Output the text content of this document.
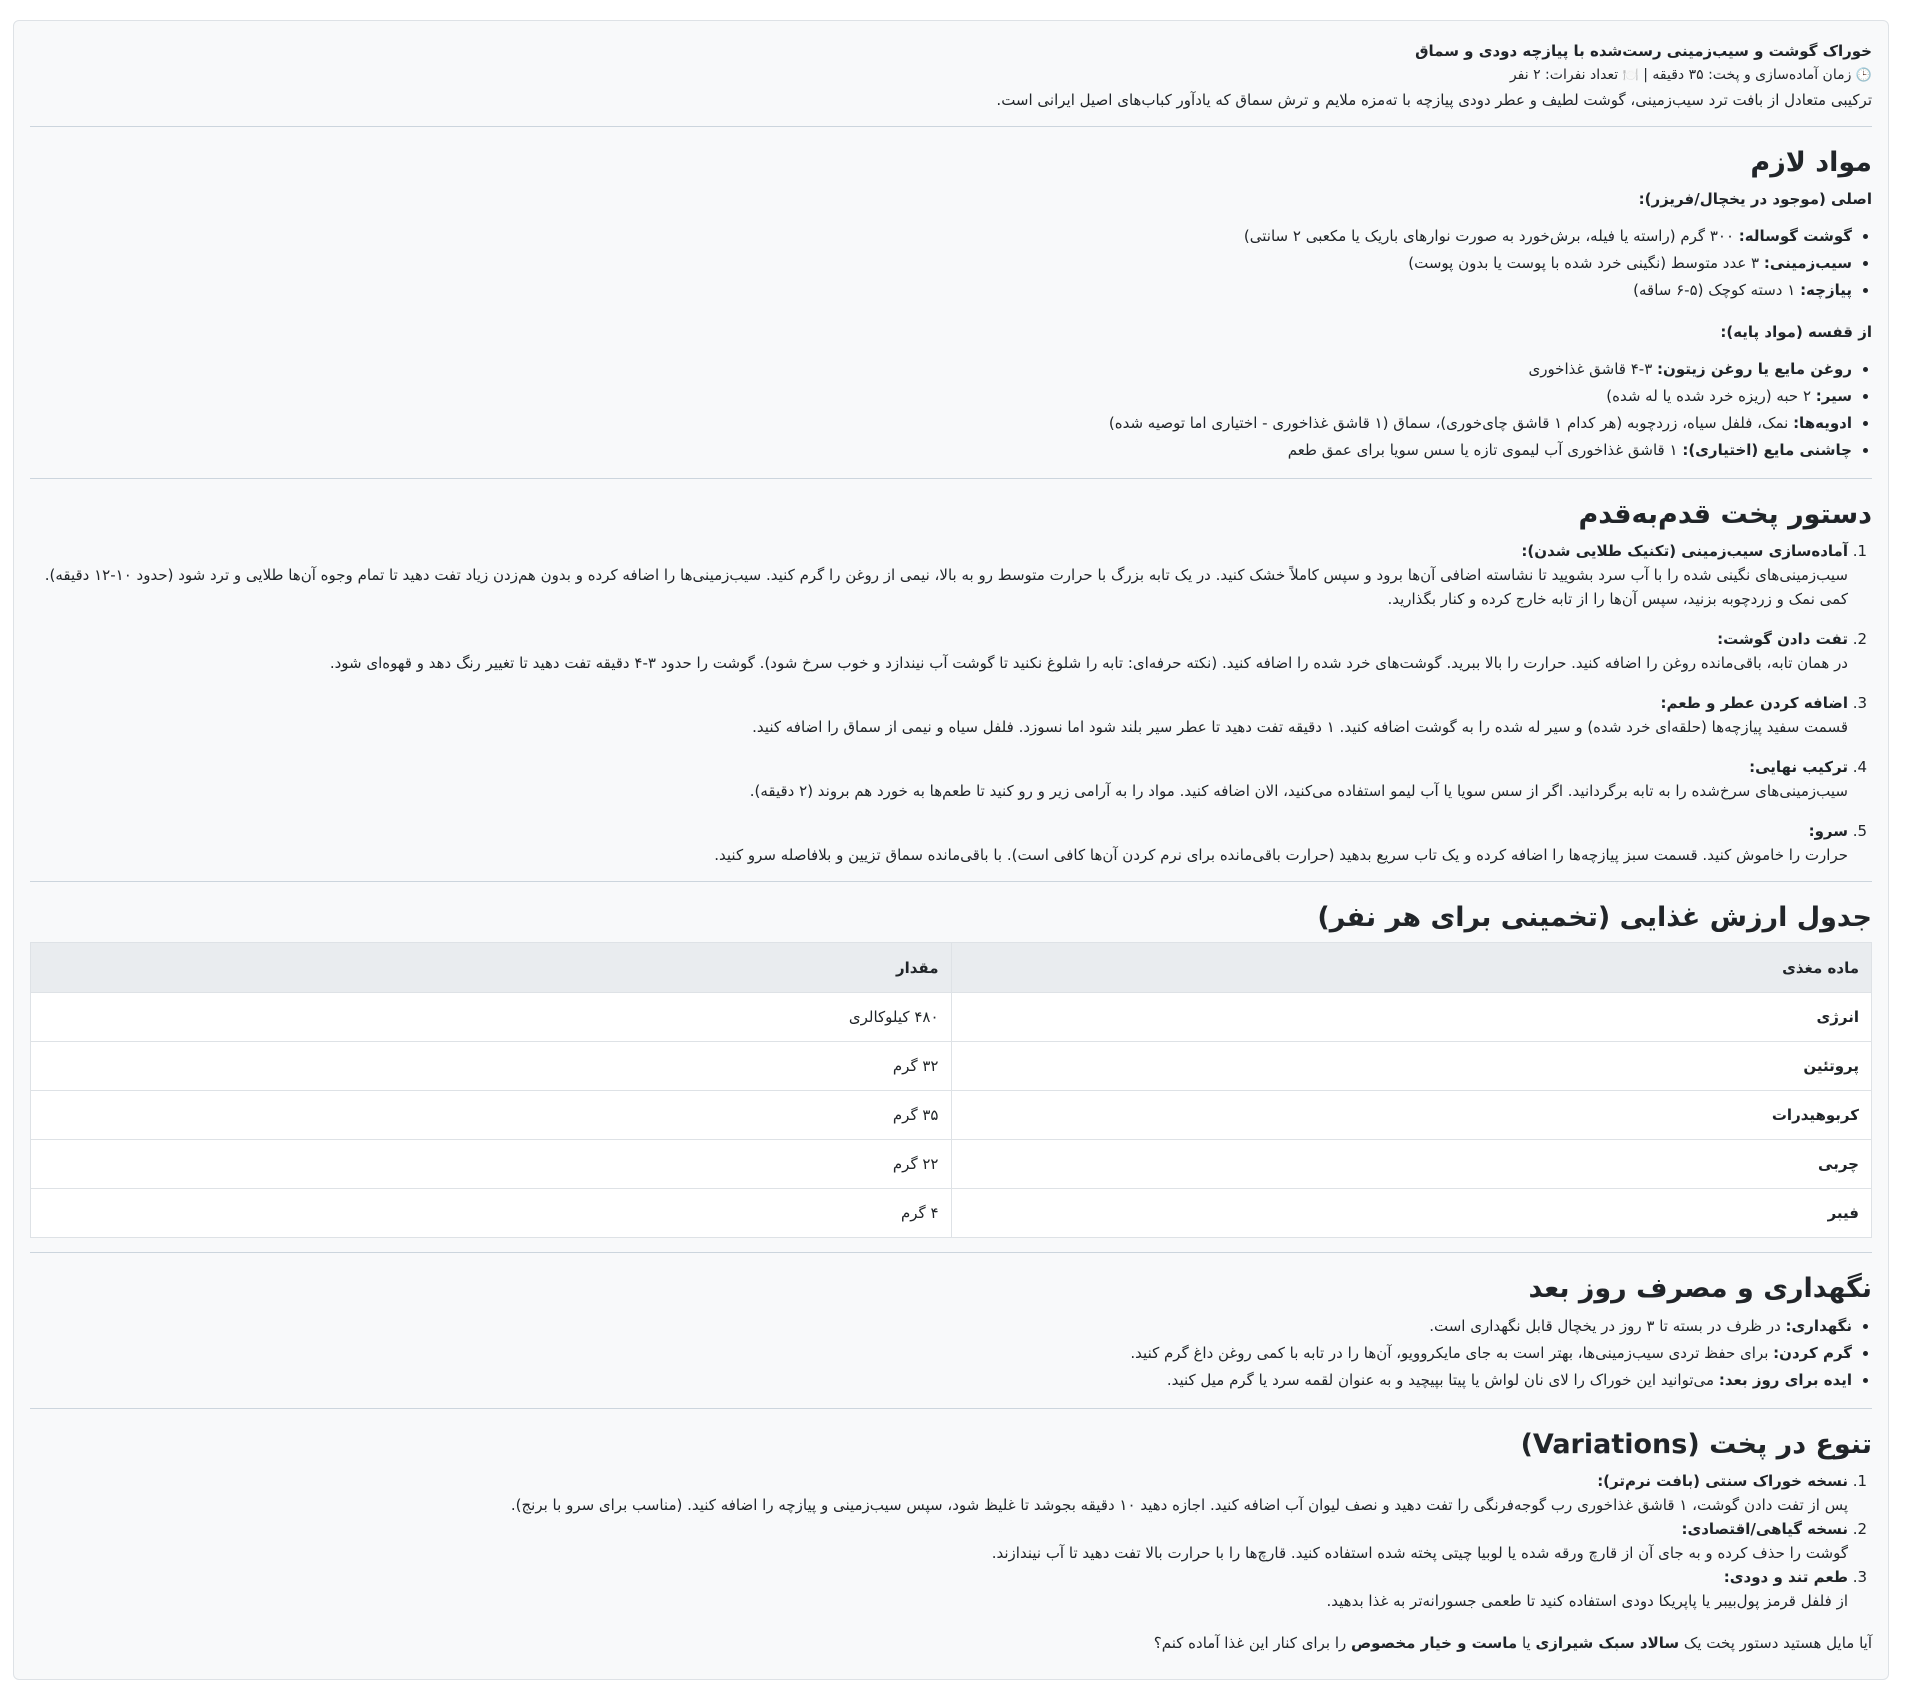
خوراک گوشت و سیب‌زمینی رست‌شده با پیازچه دودی و سماق
🕒 زمان آماده‌سازی و پخت: ۳۵ دقیقه | 🍽️ تعداد نفرات: ۲ نفر
ترکیبی متعادل از بافت ترد سیب‌زمینی، گوشت لطیف و عطر دودی پیازچه با ته‌مزه ملایم و ترش سماق که یادآور کباب‌های اصیل ایرانی است.
مواد لازم
اصلی (موجود در یخچال/فریزر):
• گوشت گوساله: ۳۰۰ گرم (راسته یا فیله، برش‌خورد به صورت نوارهای باریک یا مکعبی ۲ سانتی)
• سیب‌زمینی: ۳ عدد متوسط (نگینی خرد شده با پوست یا بدون پوست)
• پیازچه: ۱ دسته کوچک (۵-۶ ساقه)
از قفسه (مواد پایه):
• روغن مایع یا روغن زیتون: ۳-۴ قاشق غذاخوری
• سیر: ۲ حبه (ریزه خرد شده یا له شده)
• ادویه‌ها: نمک، فلفل سیاه، زردچوبه (هر کدام ۱ قاشق چای‌خوری)، سماق (۱ قاشق غذاخوری - اختیاری اما توصیه شده)
• چاشنی مایع (اختیاری): ۱ قاشق غذاخوری آب لیموی تازه یا سس سویا برای عمق طعم
دستور پخت قدم‌به‌قدم
1. آماده‌سازی سیب‌زمینی (تکنیک طلایی شدن):
سیب‌زمینی‌های نگینی شده را با آب سرد بشویید تا نشاسته اضافی آن‌ها برود و سپس کاملاً خشک کنید. در یک تابه بزرگ با حرارت متوسط رو به بالا، نیمی از روغن را گرم کنید. سیب‌زمینی‌ها را اضافه کرده و بدون هم‌زدن زیاد تفت دهید تا تمام وجوه آن‌ها طلایی و ترد شود (حدود ۱۰-۱۲ دقیقه). کمی نمک و زردچوبه بزنید، سپس آن‌ها را از تابه خارج کرده و کنار بگذارید.
2. تفت دادن گوشت:
در همان تابه، باقی‌مانده روغن را اضافه کنید. حرارت را بالا ببرید. گوشت‌های خرد شده را اضافه کنید. (نکته حرفه‌ای: تابه را شلوغ نکنید تا گوشت آب نیندازد و خوب سرخ شود). گوشت را حدود ۳-۴ دقیقه تفت دهید تا تغییر رنگ دهد و قهوه‌ای شود.
3. اضافه کردن عطر و طعم:
قسمت سفید پیازچه‌ها (حلقه‌ای خرد شده) و سیر له شده را به گوشت اضافه کنید. ۱ دقیقه تفت دهید تا عطر سیر بلند شود اما نسوزد. فلفل سیاه و نیمی از سماق را اضافه کنید.
4. ترکیب نهایی:
سیب‌زمینی‌های سرخ‌شده را به تابه برگردانید. اگر از سس سویا یا آب لیمو استفاده می‌کنید، الان اضافه کنید. مواد را به آرامی زیر و رو کنید تا طعم‌ها به خورد هم بروند (۲ دقیقه).
5. سرو:
حرارت را خاموش کنید. قسمت سبز پیازچه‌ها را اضافه کرده و یک تاب سریع بدهید (حرارت باقی‌مانده برای نرم کردن آن‌ها کافی است). با باقی‌مانده سماق تزیین و بلافاصله سرو کنید.
جدول ارزش غذایی (تخمینی برای هر نفر)
ماده مغذی	مقدار
انرژی	۴۸۰ کیلوکالری
پروتئین	۳۲ گرم
کربوهیدرات	۳۵ گرم
چربی	۲۲ گرم
فیبر	۴ گرم
نگهداری و مصرف روز بعد
• نگهداری: در ظرف در بسته تا ۳ روز در یخچال قابل نگهداری است.
• گرم کردن: برای حفظ تردی سیب‌زمینی‌ها، بهتر است به جای مایکروویو، آن‌ها را در تابه با کمی روغن داغ گرم کنید.
• ایده برای روز بعد: می‌توانید این خوراک را لای نان لواش یا پیتا بپیچید و به عنوان لقمه سرد یا گرم میل کنید.
تنوع در پخت (Variations)
1. نسخه خوراک سنتی (بافت نرم‌تر):
پس از تفت دادن گوشت، ۱ قاشق غذاخوری رب گوجه‌فرنگی را تفت دهید و نصف لیوان آب اضافه کنید. اجازه دهید ۱۰ دقیقه بجوشد تا غلیظ شود، سپس سیب‌زمینی و پیازچه را اضافه کنید. (مناسب برای سرو با برنج).
2. نسخه گیاهی/اقتصادی:
گوشت را حذف کرده و به جای آن از قارچ ورقه شده یا لوبیا چیتی پخته شده استفاده کنید. قارچ‌ها را با حرارت بالا تفت دهید تا آب نیندازند.
3. طعم تند و دودی:
از فلفل قرمز پول‌بیبر یا پاپریکا دودی استفاده کنید تا طعمی جسورانه‌تر به غذا بدهید.
آیا مایل هستید دستور پخت یک سالاد سبک شیرازی یا ماست و خیار مخصوص را برای کنار این غذا آماده کنم؟
